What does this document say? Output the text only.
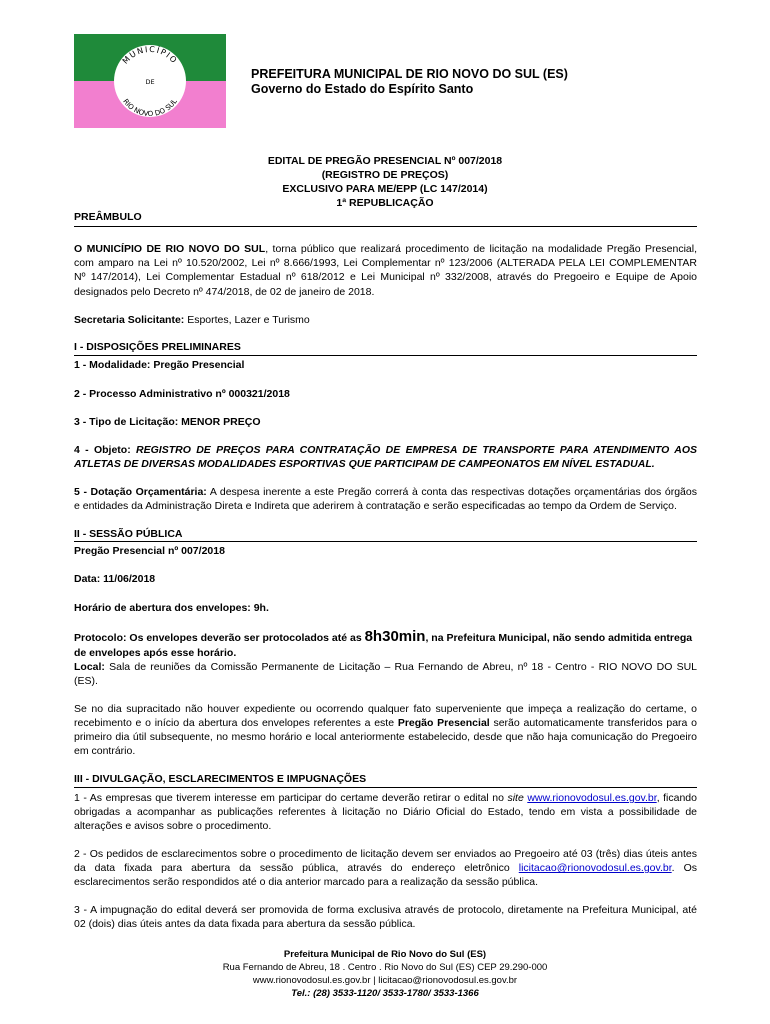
MUNICÍPIO
DE
RIO NOVO DO SUL
PREFEITURA MUNICIPAL DE RIO NOVO DO SUL (ES)
Governo do Estado do Espírito Santo
EDITAL DE PREGÃO PRESENCIAL Nº 007/2018
(REGISTRO DE PREÇOS)
EXCLUSIVO PARA ME/EPP (LC 147/2014)
1ª REPUBLICAÇÃO
PREÂMBULO
O MUNICÍPIO DE RIO NOVO DO SUL, torna público que realizará procedimento de licitação na modalidade Pregão Presencial,
com amparo na Lei nº 10.520/2002, Lei nº 8.666/1993, Lei Complementar nº 123/2006 (ALTERADA PELA LEI COMPLEMENTAR
Nº 147/2014), Lei Complementar Estadual nº 618/2012 e Lei Municipal nº 332/2008, através do Pregoeiro e Equipe de Apoio
designados pelo Decreto nº 474/2018, de 02 de janeiro de 2018.
Secretaria Solicitante: Esportes, Lazer e Turismo
I - DISPOSIÇÕES PRELIMINARES
1 - Modalidade: Pregão Presencial
2 - Processo Administrativo nº 000321/2018
3 - Tipo de Licitação: MENOR PREÇO
4 - Objeto: REGISTRO DE PREÇOS PARA CONTRATAÇÃO DE EMPRESA DE TRANSPORTE PARA ATENDIMENTO AOS
ATLETAS DE DIVERSAS MODALIDADES ESPORTIVAS QUE PARTICIPAM DE CAMPEONATOS EM NÍVEL ESTADUAL.
5 - Dotação Orçamentária: A despesa inerente a este Pregão correrá à conta das respectivas dotações orçamentárias dos órgãos
e entidades da Administração Direta e Indireta que aderirem à contratação e serão especificadas ao tempo da Ordem de Serviço.
II - SESSÃO PÚBLICA
Pregão Presencial nº 007/2018
Data: 11/06/2018
Horário de abertura dos envelopes: 9h.
Protocolo: Os envelopes deverão ser protocolados até as 8h30min, na Prefeitura Municipal, não sendo admitida entrega
de envelopes após esse horário.
Local: Sala de reuniões da Comissão Permanente de Licitação – Rua Fernando de Abreu, nº 18 - Centro - RIO NOVO DO SUL
(ES).
Se no dia supracitado não houver expediente ou ocorrendo qualquer fato superveniente que impeça a realização do certame, o
recebimento e o início da abertura dos envelopes referentes a este Pregão Presencial serão automaticamente transferidos para o
primeiro dia útil subsequente, no mesmo horário e local anteriormente estabelecido, desde que não haja comunicação do Pregoeiro
em contrário.
III - DIVULGAÇÃO, ESCLARECIMENTOS E IMPUGNAÇÕES
1 - As empresas que tiverem interesse em participar do certame deverão retirar o edital no site www.rionovodosul.es.gov.br, ficando
obrigadas a acompanhar as publicações referentes à licitação no Diário Oficial do Estado, tendo em vista a possibilidade de
alterações e avisos sobre o procedimento.
2 - Os pedidos de esclarecimentos sobre o procedimento de licitação devem ser enviados ao Pregoeiro até 03 (três) dias úteis antes
da data fixada para abertura da sessão pública, através do endereço eletrônico licitacao@rionovodosul.es.gov.br. Os
esclarecimentos serão respondidos até o dia anterior marcado para a realização da sessão pública.
3 - A impugnação do edital deverá ser promovida de forma exclusiva através de protocolo, diretamente na Prefeitura Municipal, até
02 (dois) dias úteis antes da data fixada para abertura da sessão pública.
Prefeitura Municipal de Rio Novo do Sul (ES)
Rua Fernando de Abreu, 18 . Centro . Rio Novo do Sul (ES) CEP 29.290-000
www.rionovodosul.es.gov.br | licitacao@rionovodosul.es.gov.br
Tel.: (28) 3533-1120/ 3533-1780/ 3533-1366
